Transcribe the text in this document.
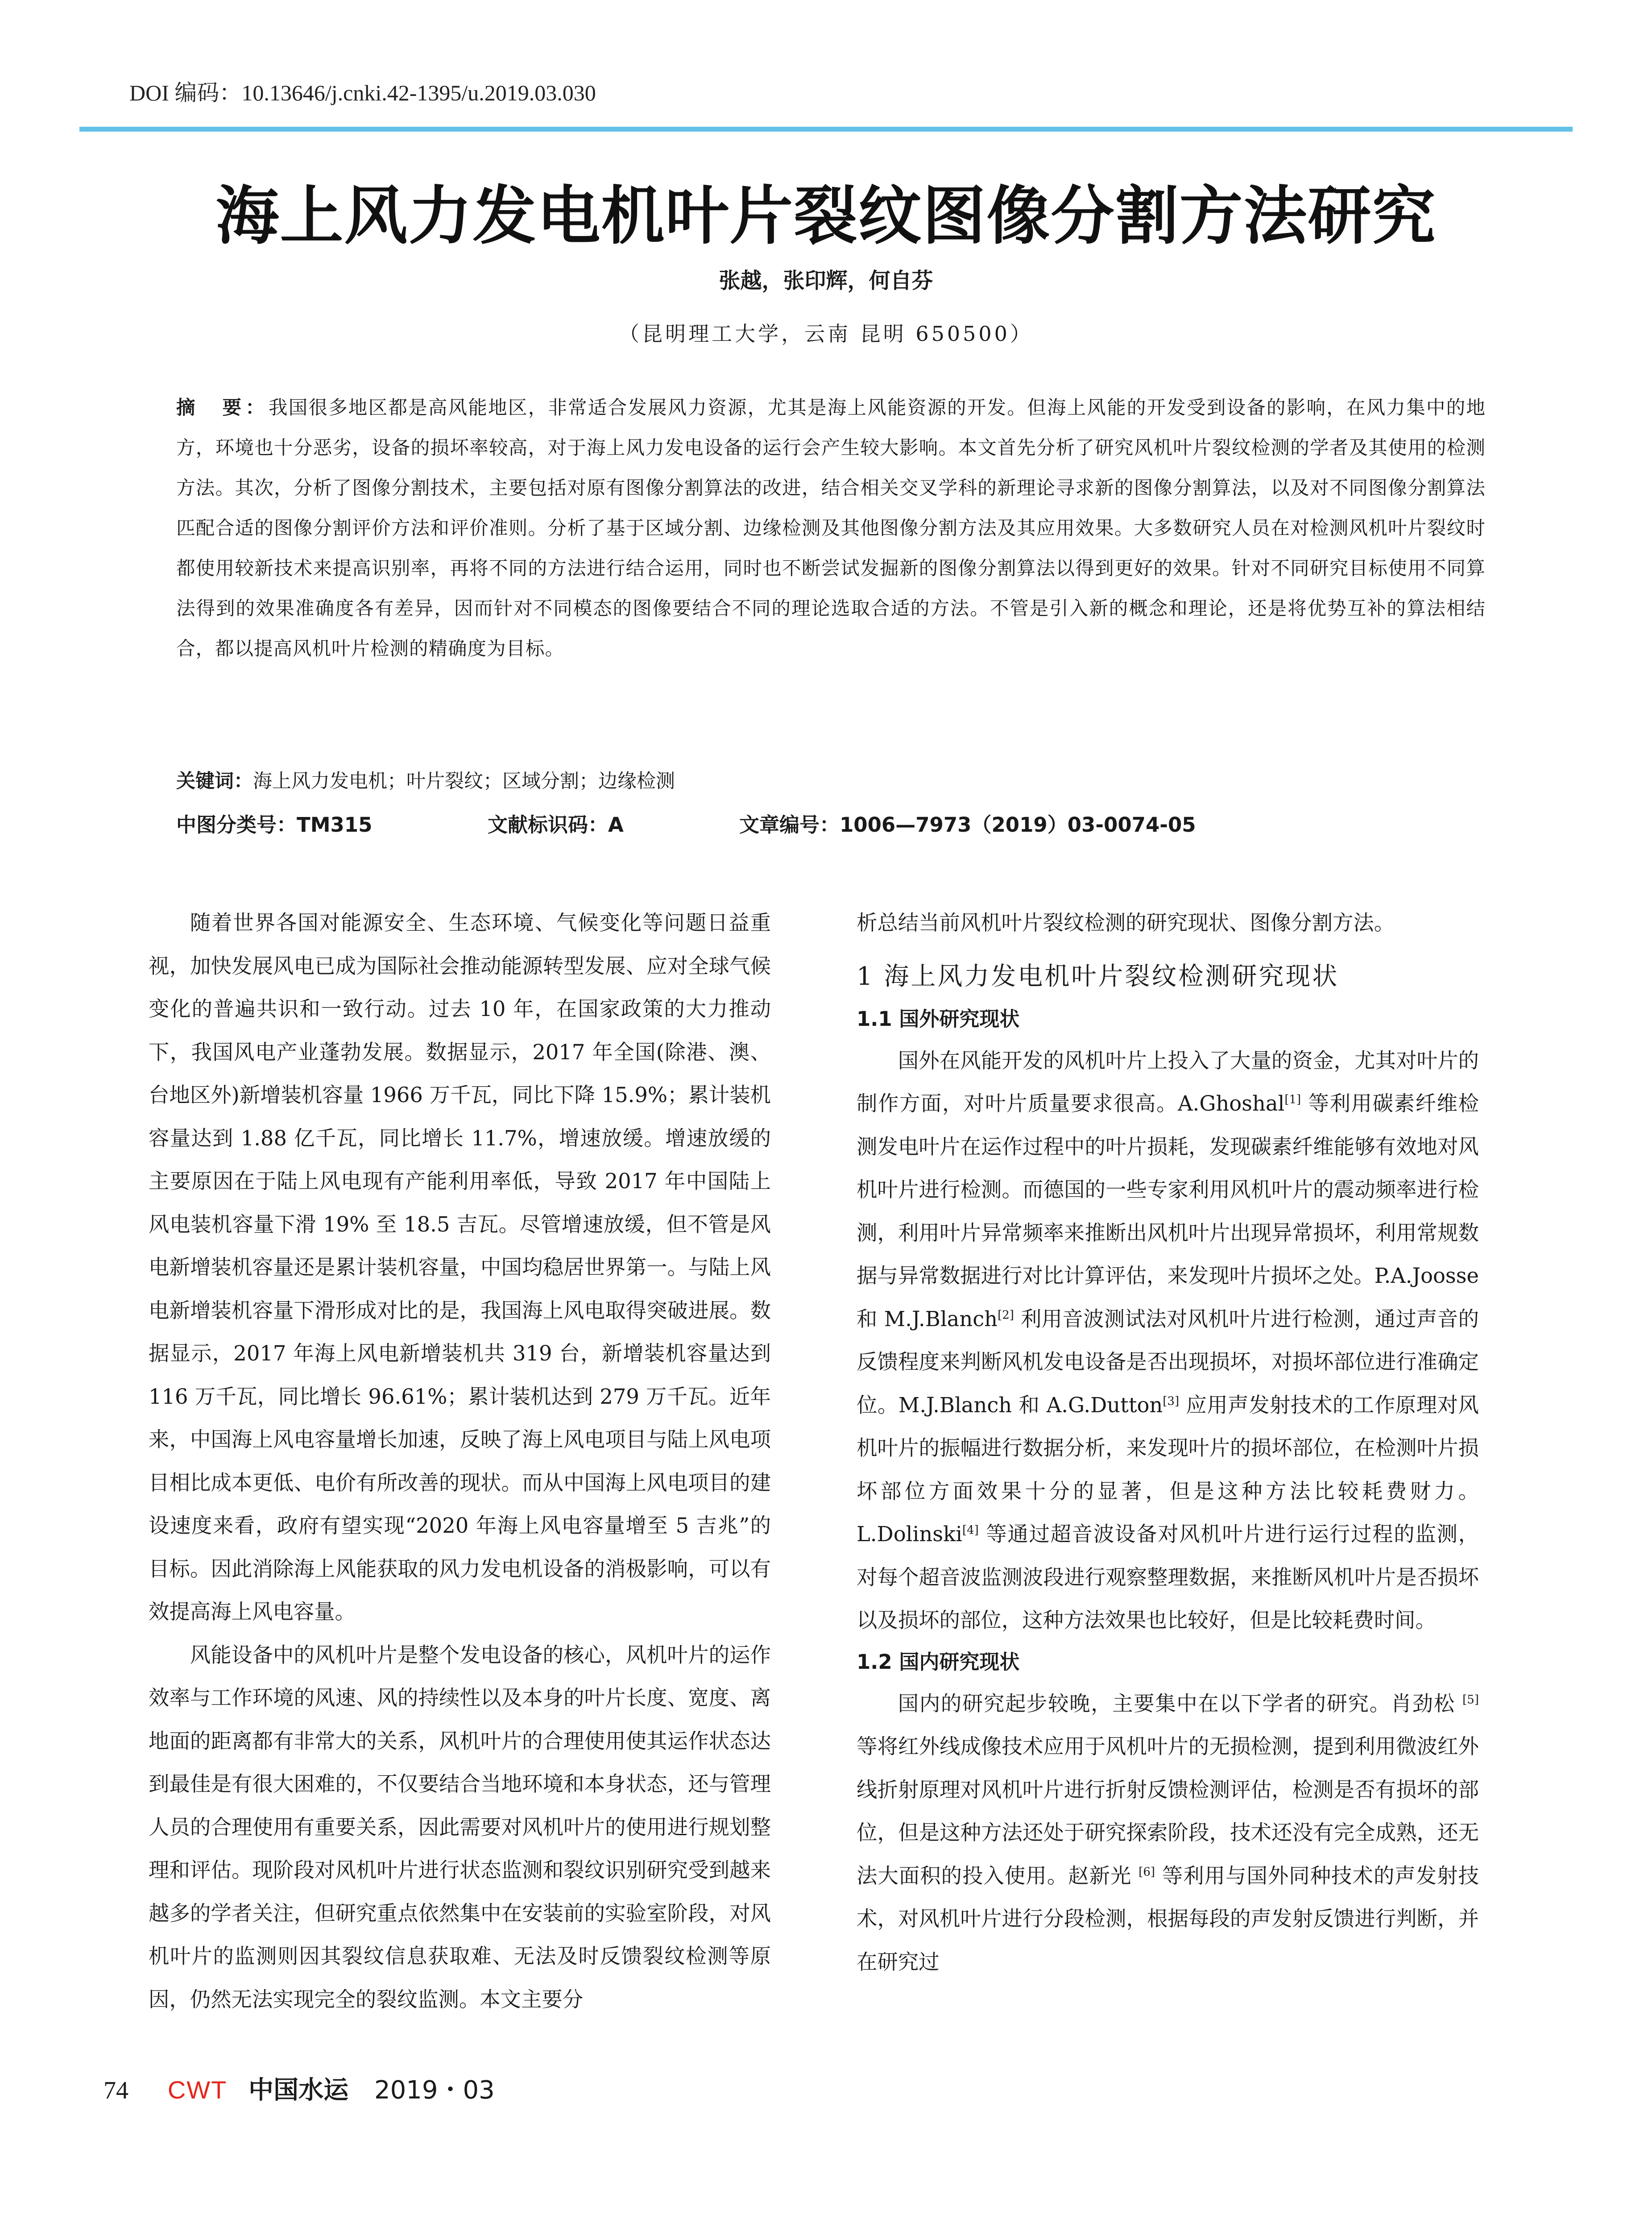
DOI 编码：10.13646/j.cnki.42-1395/u.2019.03.030
海上风力发电机叶片裂纹图像分割方法研究
张越，张印辉，何自芬
（昆明理工大学，云南 昆明 650500）

摘　要：我国很多地区都是高风能地区，非常适合发展风力资源，尤其是海上风能资源的开发。但海上风能的开发受到设备的影响，在风力集中的地方，环境也十分恶劣，设备的损坏率较高，对于海上风力发电设备的运行会产生较大影响。本文首先分析了研究风机叶片裂纹检测的学者及其使用的检测方法。其次，分析了图像分割技术，主要包括对原有图像分割算法的改进，结合相关交叉学科的新理论寻求新的图像分割算法，以及对不同图像分割算法匹配合适的图像分割评价方法和评价准则。分析了基于区域分割、边缘检测及其他图像分割方法及其应用效果。大多数研究人员在对检测风机叶片裂纹时都使用较新技术来提高识别率，再将不同的方法进行结合运用，同时也不断尝试发掘新的图像分割算法以得到更好的效果。针对不同研究目标使用不同算法得到的效果准确度各有差异，因而针对不同模态的图像要结合不同的理论选取合适的方法。不管是引入新的概念和理论，还是将优势互补的算法相结合，都以提高风机叶片检测的精确度为目标。

关键词：海上风力发电机；叶片裂纹；区域分割；边缘检测
中图分类号：TM315	文献标识码：A	文章编号：1006—7973（2019）03-0074-05

随着世界各国对能源安全、生态环境、气候变化等问题日益重视，加快发展风电已成为国际社会推动能源转型发展、应对全球气候变化的普遍共识和一致行动。过去 10 年，在国家政策的大力推动下，我国风电产业蓬勃发展。数据显示，2017 年全国(除港、澳、台地区外)新增装机容量 1966 万千瓦，同比下降 15.9%；累计装机容量达到 1.88 亿千瓦，同比增长 11.7%，增速放缓。增速放缓的主要原因在于陆上风电现有产能利用率低，导致 2017 年中国陆上风电装机容量下滑 19% 至 18.5 吉瓦。尽管增速放缓，但不管是风电新增装机容量还是累计装机容量，中国均稳居世界第一。与陆上风电新增装机容量下滑形成对比的是，我国海上风电取得突破进展。数据显示，2017 年海上风电新增装机共 319 台，新增装机容量达到 116 万千瓦，同比增长 96.61%；累计装机达到 279 万千瓦。近年来，中国海上风电容量增长加速，反映了海上风电项目与陆上风电项目相比成本更低、电价有所改善的现状。而从中国海上风电项目的建设速度来看，政府有望实现“2020 年海上风电容量增至 5 吉兆”的目标。因此消除海上风能获取的风力发电机设备的消极影响，可以有效提高海上风电容量。

风能设备中的风机叶片是整个发电设备的核心，风机叶片的运作效率与工作环境的风速、风的持续性以及本身的叶片长度、宽度、离地面的距离都有非常大的关系，风机叶片的合理使用使其运作状态达到最佳是有很大困难的，不仅要结合当地环境和本身状态，还与管理人员的合理使用有重要关系，因此需要对风机叶片的使用进行规划整理和评估。现阶段对风机叶片进行状态监测和裂纹识别研究受到越来越多的学者关注，但研究重点依然集中在安装前的实验室阶段，对风机叶片的监测则因其裂纹信息获取难、无法及时反馈裂纹检测等原因，仍然无法实现完全的裂纹监测。本文主要分

析总结当前风机叶片裂纹检测的研究现状、图像分割方法。

1 海上风力发电机叶片裂纹检测研究现状
1.1 国外研究现状

国外在风能开发的风机叶片上投入了大量的资金，尤其对叶片的制作方面，对叶片质量要求很高。A.Ghoshal[1] 等利用碳素纤维检测发电叶片在运作过程中的叶片损耗，发现碳素纤维能够有效地对风机叶片进行检测。而德国的一些专家利用风机叶片的震动频率进行检测，利用叶片异常频率来推断出风机叶片出现异常损坏，利用常规数据与异常数据进行对比计算评估，来发现叶片损坏之处。P.A.Joosse 和 M.J.Blanch[2] 利用音波测试法对风机叶片进行检测，通过声音的反馈程度来判断风机发电设备是否出现损坏，对损坏部位进行准确定位。M.J.Blanch 和 A.G.Dutton[3] 应用声发射技术的工作原理对风机叶片的振幅进行数据分析，来发现叶片的损坏部位，在检测叶片损坏部位方面效果十分的显著，但是这种方法比较耗费财力。L.Dolinski[4] 等通过超音波设备对风机叶片进行运行过程的监测，对每个超音波监测波段进行观察整理数据，来推断风机叶片是否损坏以及损坏的部位，这种方法效果也比较好，但是比较耗费时间。

1.2 国内研究现状

国内的研究起步较晚，主要集中在以下学者的研究。肖劲松 [5] 等将红外线成像技术应用于风机叶片的无损检测，提到利用微波红外线折射原理对风机叶片进行折射反馈检测评估，检测是否有损坏的部位，但是这种方法还处于研究探索阶段，技术还没有完全成熟，还无法大面积的投入使用。赵新光 [6] 等利用与国外同种技术的声发射技术，对风机叶片进行分段检测，根据每段的声发射反馈进行判断，并在研究过

74 CWT 中国水运 2019・03
